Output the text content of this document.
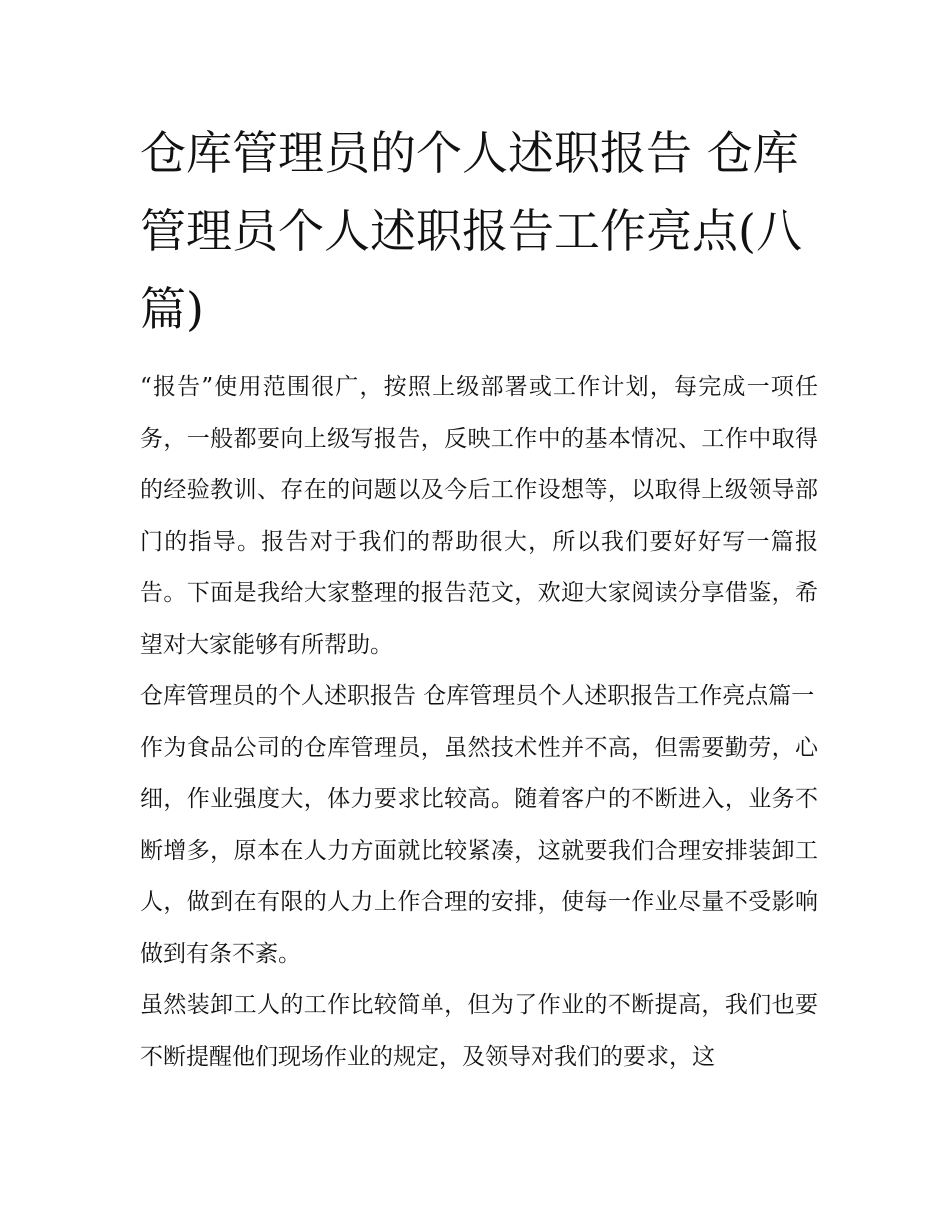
仓库管理员的个人述职报告 仓库管理员个人述职报告工作亮点(八篇)

“报告”使用范围很广，按照上级部署或工作计划，每完成一项任务，一般都要向上级写报告，反映工作中的基本情况、工作中取得的经验教训、存在的问题以及今后工作设想等，以取得上级领导部门的指导。报告对于我们的帮助很大，所以我们要好好写一篇报告。下面是我给大家整理的报告范文，欢迎大家阅读分享借鉴，希望对大家能够有所帮助。

仓库管理员的个人述职报告 仓库管理员个人述职报告工作亮点篇一

作为食品公司的仓库管理员，虽然技术性并不高，但需要勤劳，心细，作业强度大，体力要求比较高。随着客户的不断进入，业务不断增多，原本在人力方面就比较紧凑，这就要我们合理安排装卸工人，做到在有限的人力上作合理的安排，使每一作业尽量不受影响做到有条不紊。

虽然装卸工人的工作比较简单，但为了作业的不断提高，我们也要不断提醒他们现场作业的规定，及领导对我们的要求，这
